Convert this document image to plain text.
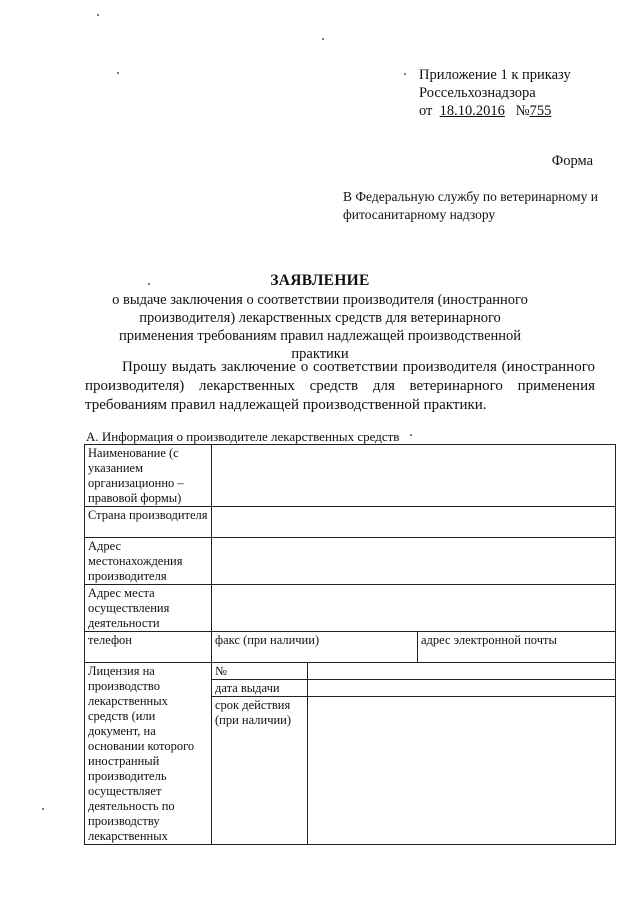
Приложение 1 к приказу
Россельхознадзора
от 18.10.2016 №755
Форма
В Федеральную службу по ветеринарному и фитосанитарному надзору
ЗАЯВЛЕНИЕ
о выдаче заключения о соответствии производителя (иностранного производителя) лекарственных средств для ветеринарного применения требованиям правил надлежащей производственной практики
Прошу выдать заключение о соответствии производителя (иностранного производителя) лекарственных средств для ветеринарного применения требованиям правил надлежащей производственной практики.
А. Информация о производителе лекарственных средств
Наименование (с указанием организационно – правовой формы)			
Страна производителя			
Адрес местонахождения производителя			
Адрес места осуществления деятельности			
телефон	факс (при наличии)		адрес электронной почты
Лицензия на производство лекарственных средств (или документ, на основании которого иностранный производитель осуществляет деятельность по производству лекарственных	№		
	дата выдачи		
	срок действия (при наличии)		
